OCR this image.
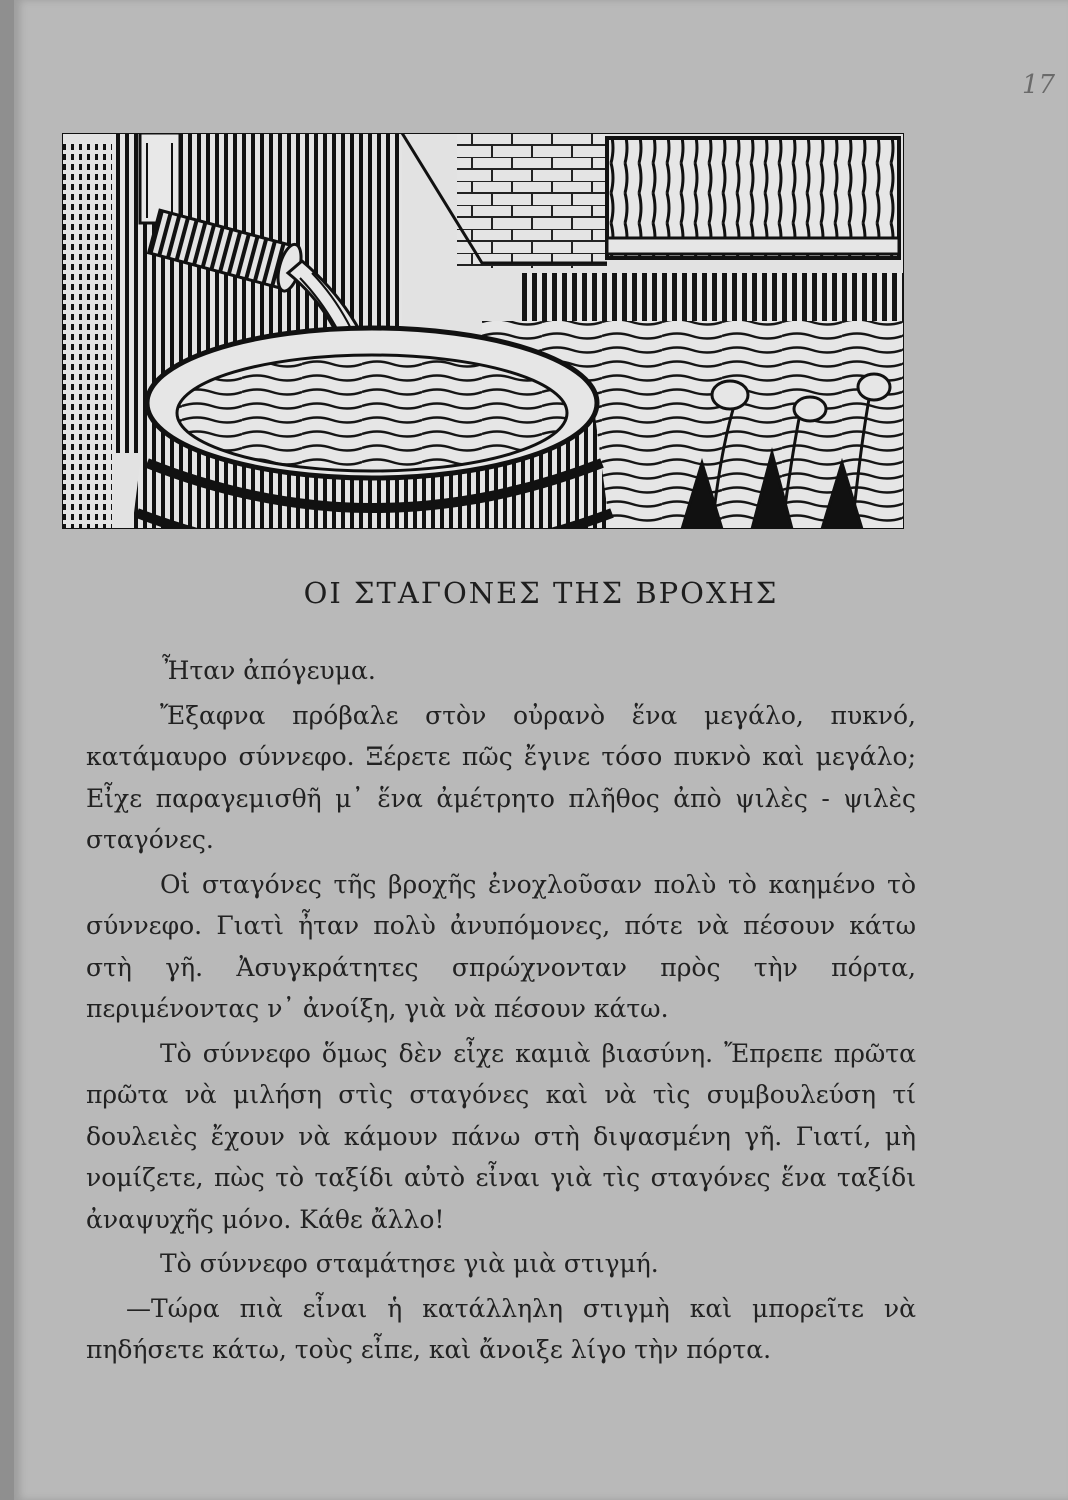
17
ΟΙ ΣΤΑΓΟΝΕΣ ΤΗΣ ΒΡΟΧΗΣ

Ἦταν ἀπόγευμα.

Ἔξαφνα πρόβαλε στὸν οὐρανὸ ἕνα μεγάλο, πυκνό, κατάμαυρο σύννεφο. Ξέρετε πῶς ἔγινε τόσο πυκνὸ καὶ μεγάλο; Εἶχε παραγεμισθῆ μ᾿ ἕνα ἀμέτρητο πλῆθος ἀπὸ ψιλὲς - ψιλὲς σταγόνες.

Οἱ σταγόνες τῆς βροχῆς ἐνοχλοῦσαν πολὺ τὸ καημένο τὸ σύννεφο. Γιατὶ ἦταν πολὺ ἀνυπόμονες, πότε νὰ πέσουν κάτω στὴ γῆ. Ἀσυγκράτητες σπρώχνονταν πρὸς τὴν πόρτα, περιμένοντας ν᾿ ἀνοίξη, γιὰ νὰ πέσουν κάτω.

Τὸ σύννεφο ὅμως δὲν εἶχε καμιὰ βιασύνη. Ἔπρεπε πρῶτα πρῶτα νὰ μιλήση στὶς σταγόνες καὶ νὰ τὶς συμβουλεύση τί δουλειὲς ἔχουν νὰ κάμουν πάνω στὴ διψασμένη γῆ. Γιατί, μὴ νομίζετε, πὼς τὸ ταξίδι αὐτὸ εἶναι γιὰ τὶς σταγόνες ἕνα ταξίδι ἀναψυχῆς μόνο. Κάθε ἄλλο!

Τὸ σύννεφο σταμάτησε γιὰ μιὰ στιγμή.

—Τώρα πιὰ εἶναι ἡ κατάλληλη στιγμὴ καὶ μπορεῖτε νὰ πηδήσετε κάτω, τοὺς εἶπε, καὶ ἄνοιξε λίγο τὴν πόρτα.
